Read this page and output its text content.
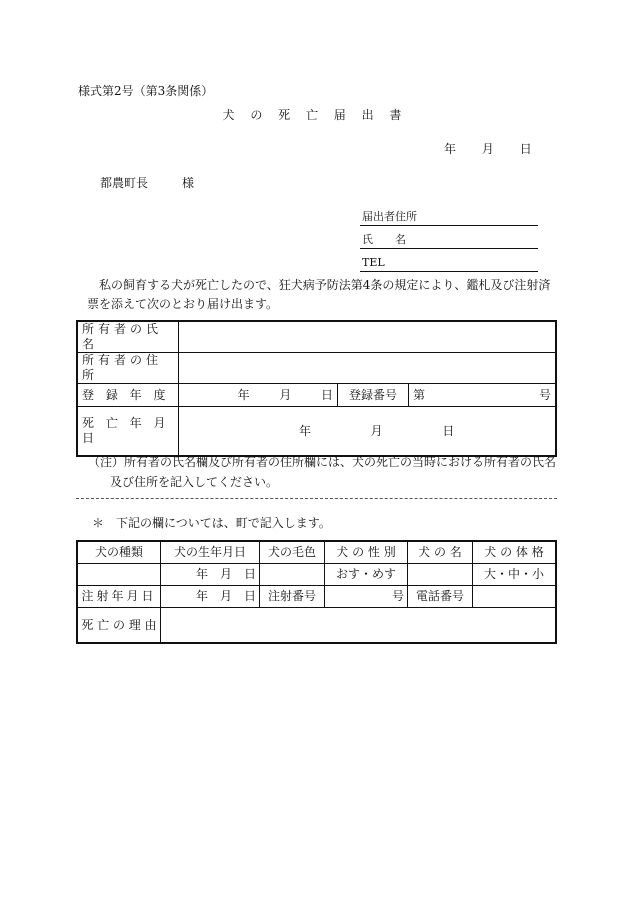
様式第2号（第3条関係）
犬 の 死 亡 届 出 書
年 月 日
都農町長	様
届出者住所
氏　　名
TEL
私の飼育する犬が死亡したので、狂犬病予防法第4条の規定により、鑑札及び注射済票を添えて次のとおり届け出ます。
所有者の氏名			
所有者の住所			
登 録 年 度	年 月 日	登録番号	第 号

死 亡 年 月 日	年 月 日		
（注）所有者の氏名欄及び所有者の住所欄には、犬の死亡の当時における所有者の氏名
及び住所を記入してください。
＊　下記の欄については、町で記入します。
犬の種類	犬の生年月日	犬の毛色	犬 の 性 別	犬 の 名	犬 の 体 格
	年　月　日		おす・めす		大・中・小
注射年月日	年　月　日	注射番号	号	電話番号	
死 亡 の 理 由					
